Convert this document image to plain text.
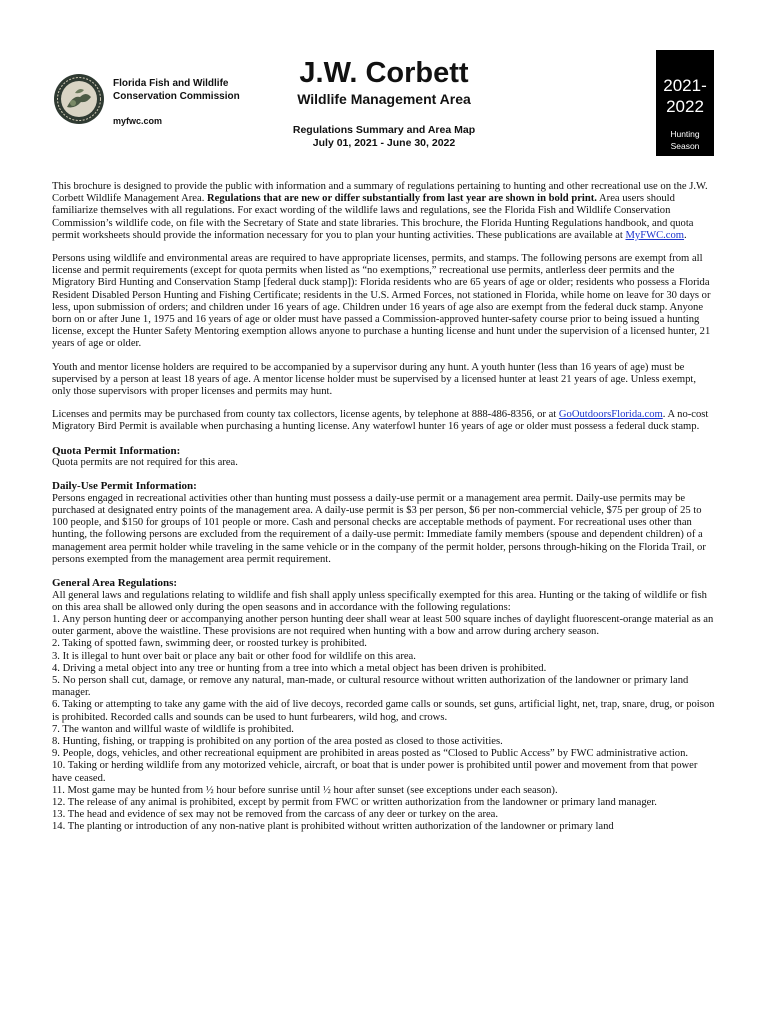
Florida Fish and Wildlife
Conservation Commission
myfwc.com
J.W. Corbett
Wildlife Management Area
Regulations Summary and Area Map
July 01, 2021 - June 30, 2022
2021-
2022
Hunting
Season

This brochure is designed to provide the public with information and a summary of regulations pertaining to hunting and other recreational use on the J.W. Corbett Wildlife Management Area. Regulations that are new or differ substantially from last year are shown in bold print. Area users should familiarize themselves with all regulations. For exact wording of the wildlife laws and regulations, see the Florida Fish and Wildlife Conservation Commission’s wildlife code, on file with the Secretary of State and state libraries. This brochure, the Florida Hunting Regulations handbook, and quota permit worksheets should provide the information necessary for you to plan your hunting activities. These publications are available at MyFWC.com.

Persons using wildlife and environmental areas are required to have appropriate licenses, permits, and stamps. The following persons are exempt from all license and permit requirements (except for quota permits when listed as “no exemptions,” recreational use permits, antlerless deer permits and the Migratory Bird Hunting and Conservation Stamp [federal duck stamp]): Florida residents who are 65 years of age or older; residents who possess a Florida Resident Disabled Person Hunting and Fishing Certificate; residents in the U.S. Armed Forces, not stationed in Florida, while home on leave for 30 days or less, upon submission of orders; and children under 16 years of age. Children under 16 years of age also are exempt from the federal duck stamp. Anyone born on or after June 1, 1975 and 16 years of age or older must have passed a Commission-approved hunter-safety course prior to being issued a hunting license, except the Hunter Safety Mentoring exemption allows anyone to purchase a hunting license and hunt under the supervision of a licensed hunter, 21 years of age or older.

Youth and mentor license holders are required to be accompanied by a supervisor during any hunt. A youth hunter (less than 16 years of age) must be supervised by a person at least 18 years of age. A mentor license holder must be supervised by a licensed hunter at least 21 years of age. Unless exempt, only those supervisors with proper licenses and permits may hunt.

Licenses and permits may be purchased from county tax collectors, license agents, by telephone at 888-486-8356, or at GoOutdoorsFlorida.com. A no-cost Migratory Bird Permit is available when purchasing a hunting license. Any waterfowl hunter 16 years of age or older must possess a federal duck stamp.

Quota Permit Information:
Quota permits are not required for this area.
Daily-Use Permit Information:
Persons engaged in recreational activities other than hunting must possess a daily-use permit or a management area permit. Daily-use permits may be purchased at designated entry points of the management area. A daily-use permit is $3 per person, $6 per non-commercial vehicle, $75 per group of 25 to 100 people, and $150 for groups of 101 people or more. Cash and personal checks are acceptable methods of payment. For recreational uses other than hunting, the following persons are excluded from the requirement of a daily-use permit: Immediate family members (spouse and dependent children) of a management area permit holder while traveling in the same vehicle or in the company of the permit holder, persons through-hiking on the Florida Trail, or persons exempted from the management area permit requirement.
General Area Regulations:
All general laws and regulations relating to wildlife and fish shall apply unless specifically exempted for this area. Hunting or the taking of wildlife or fish on this area shall be allowed only during the open seasons and in accordance with the following regulations:
1. Any person hunting deer or accompanying another person hunting deer shall wear at least 500 square inches of daylight fluorescent-orange material as an outer garment, above the waistline. These provisions are not required when hunting with a bow and arrow during archery season.
2. Taking of spotted fawn, swimming deer, or roosted turkey is prohibited.
3. It is illegal to hunt over bait or place any bait or other food for wildlife on this area.
4. Driving a metal object into any tree or hunting from a tree into which a metal object has been driven is prohibited.
5. No person shall cut, damage, or remove any natural, man-made, or cultural resource without written authorization of the landowner or primary land manager.
6. Taking or attempting to take any game with the aid of live decoys, recorded game calls or sounds, set guns, artificial light, net, trap, snare, drug, or poison is prohibited. Recorded calls and sounds can be used to hunt furbearers, wild hog, and crows.
7. The wanton and willful waste of wildlife is prohibited.
8. Hunting, fishing, or trapping is prohibited on any portion of the area posted as closed to those activities.
9. People, dogs, vehicles, and other recreational equipment are prohibited in areas posted as “Closed to Public Access” by FWC administrative action.
10. Taking or herding wildlife from any motorized vehicle, aircraft, or boat that is under power is prohibited until power and movement from that power have ceased.
11. Most game may be hunted from ½ hour before sunrise until ½ hour after sunset (see exceptions under each season).
12. The release of any animal is prohibited, except by permit from FWC or written authorization from the landowner or primary land manager.
13. The head and evidence of sex may not be removed from the carcass of any deer or turkey on the area.
14. The planting or introduction of any non-native plant is prohibited without written authorization of the landowner or primary land
